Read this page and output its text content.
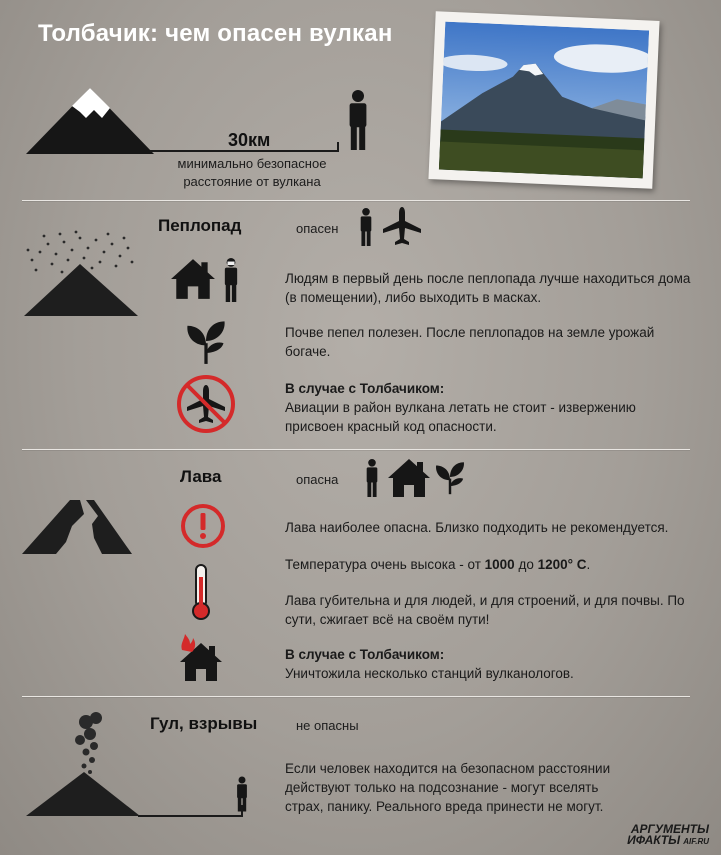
Толбачик: чем опасен вулкан
30км
минимально безопасное
расстояние от вулкана
Пеплопад	опасен
Людям в первый день после пеплопада лучше находиться дома (в помещении), либо выходить в масках.
Почве пепел полезен. После пеплопадов на земле урожай богаче.
В случае с Толбачиком:
Авиации в район вулкана летать не стоит - извержению присвоен красный код опасности.
Лава	опасна
Лава наиболее опасна. Близко подходить не рекомендуется.
Температура очень высока - от 1000 до 1200° С.
Лава губительна и для людей, и для строений, и для почвы. По сути, сжигает всё на своём пути!
В случае с Толбачиком:
Уничтожила несколько станций вулканологов.
Гул, взрывы	не опасны
Если человек находится на безопасном расстоянии действуют только на подсознание - могут вселять страх, панику. Реального вреда принести не могут.
АРГУМЕНТЫ
ИФАКТЫ AIF.RU
